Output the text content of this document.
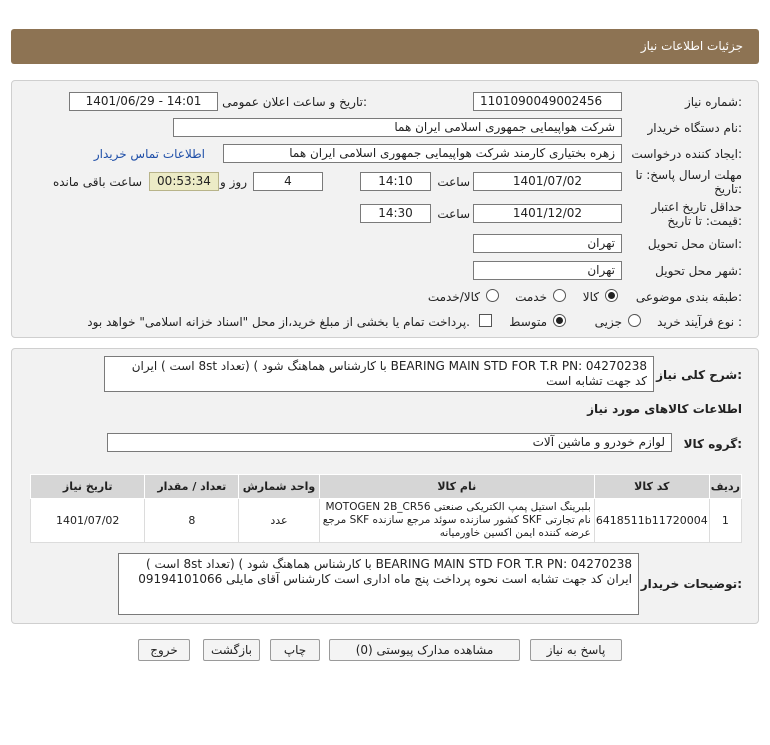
جزئیات اطلاعات نیاز
شماره نیاز:
1101090049002456
تاریخ و ساعت اعلان عمومی:
1401/06/29 - 14:01
نام دستگاه خریدار:
شرکت هواپیمایی جمهوری اسلامی ایران هما
ایجاد کننده درخواست:
زهره بختیاری کارمند شرکت هواپیمایی جمهوری اسلامی ایران هما
اطلاعات تماس خریدار
مهلت ارسال پاسخ: تا
تاریخ:
1401/07/02
ساعت
14:10
4
روز و
00:53:34
ساعت باقی مانده
حداقل تاریخ اعتبار
قیمت: تا تاریخ:
1401/12/02
ساعت
14:30
استان محل تحویل:
تهران
شهر محل تحویل:
تهران
طبقه بندی موضوعی:
کالا
خدمت
کالا/خدمت
نوع فرآیند خرید :
جزیی
متوسط
پرداخت تمام یا بخشی از مبلغ خرید،از محل "اسناد خزانه اسلامی" خواهد بود.
شرح کلی نیاز:
BEARING MAIN STD FOR T.R PN: 04270238 با کارشناس هماهنگ شود ) (تعداد 8st است ) ایران
کد جهت تشابه است
اطلاعات کالاهای مورد نیاز
گروه کالا:
لوازم خودرو و ماشین آلات
ردیف	کد کالا	نام کالا	واحد شمارش	تعداد / مقدار	تاریخ نیاز
1	6418511b11720004	بلبرینگ استیل پمپ الکتریکی صنعتی MOTOGEN 2B_CR56
نام تجارتی SKF کشور سازنده سوئد مرجع سازنده SKF مرجع
عرضه کننده ایمن اکسین خاورمیانه	عدد	8	1401/07/02
توضیحات خریدار:
BEARING MAIN STD FOR T.R PN: 04270238 با کارشناس هماهنگ شود ) (تعداد 8st است )
ایران کد جهت تشابه است نحوه پرداخت پنج ماه اداری است کارشناس آقای مایلی 09194101066
پاسخ به نیاز
مشاهده مدارک پیوستی (0)
چاپ
بازگشت
خروج
